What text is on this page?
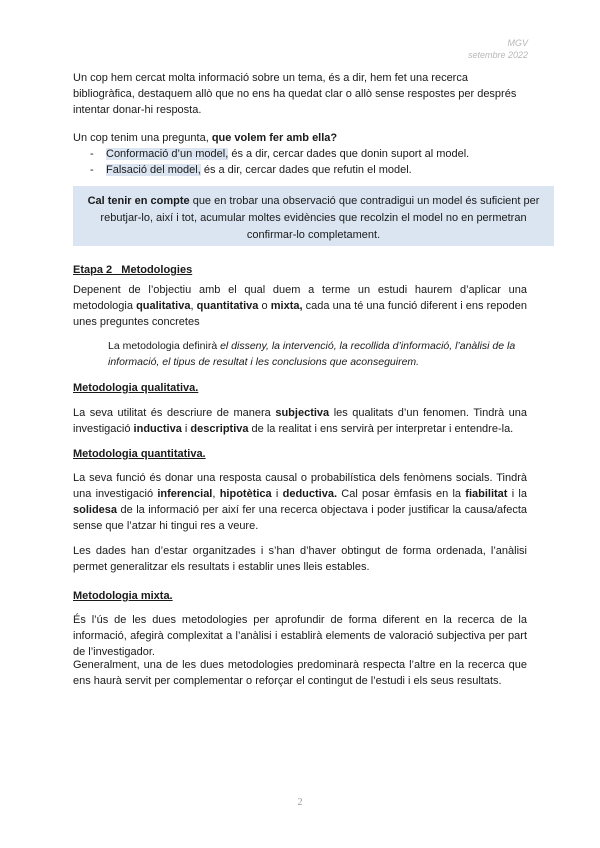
MGV
setembre 2022
Un cop hem cercat molta informació sobre un tema, és a dir, hem fet una recerca bibliogràfica, destaquem allò que no ens ha quedat clar o allò sense respostes per després intentar donar-hi resposta.
Un cop tenim una pregunta, que volem fer amb ella?
- Conformació d’un model, és a dir, cercar dades que donin suport al model.
- Falsació del model, és a dir, cercar dades que refutin el model.
Cal tenir en compte que en trobar una observació que contradigui un model és suficient per rebutjar-lo, així i tot, acumular moltes evidències que recolzin el model no en permetran confirmar-lo completament.
Etapa 2_ Metodologies
Depenent de l’objectiu amb el qual duem a terme un estudi haurem d’aplicar una metodologia qualitativa, quantitativa o mixta, cada una té una funció diferent i ens repoden unes preguntes concretes
La metodologia definirà el disseny, la intervenció, la recollida d’informació, l’anàlisi de la informació, el tipus de resultat i les conclusions que aconseguirem.
Metodologia qualitativa.
La seva utilitat és descriure de manera subjectiva les qualitats d’un fenomen. Tindrà una investigació inductiva i descriptiva de la realitat i ens servirà per interpretar i entendre-la.
Metodologia quantitativa.
La seva funció és donar una resposta causal o probabilística dels fenòmens socials. Tindrà una investigació inferencial, hipotètica i deductiva. Cal posar èmfasis en la fiabilitat i la solidesa de la informació per així fer una recerca objectava i poder justificar la causa/afecta sense que l’atzar hi tingui res a veure.
Les dades han d’estar organitzades i s’han d’haver obtingut de forma ordenada, l’anàlisi permet generalitzar els resultats i establir unes lleis estables.
Metodologia mixta.
És l’ús de les dues metodologies per aprofundir de forma diferent en la recerca de la informació, afegirà complexitat a l’anàlisi i establirà elements de valoració subjectiva per part de l’investigador.
Generalment, una de les dues metodologies predominarà respecta l’altre en la recerca que ens haurà servit per complementar o reforçar el contingut de l’estudi i els seus resultats.
2
